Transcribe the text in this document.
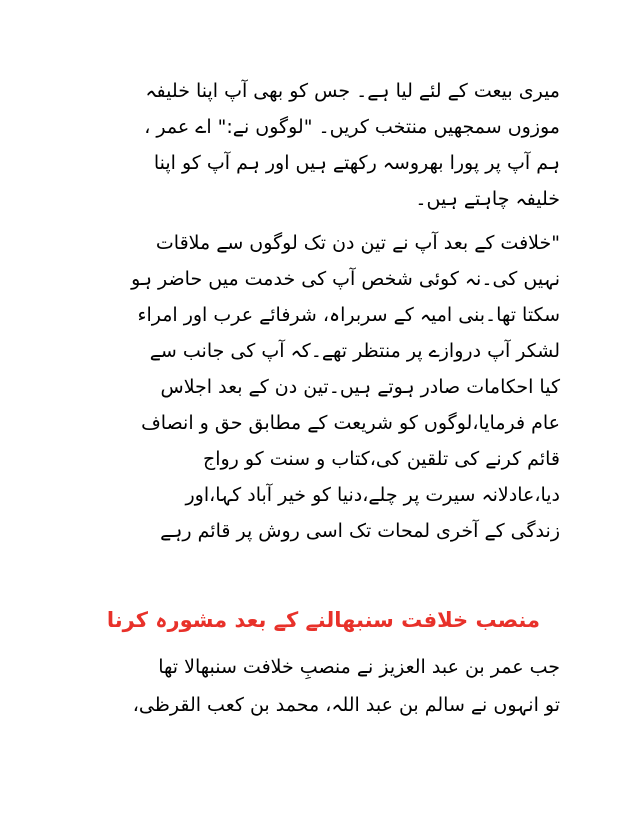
میری بیعت کے لئے لیا ہے۔ جس کو بھی آپ اپنا خلیفہ
موزوں سمجھیں منتخب کریں۔ "لوگوں نے:" اے عمر ،
ہم آپ پر پورا بھروسہ رکھتے ہیں اور ہم آپ کو اپنا
خلیفہ چاہتے ہیں۔
"خلافت کے بعد آپ نے تین دن تک لوگوں سے ملاقات
نہیں کی۔نہ کوئی شخص آپ کی خدمت میں حاضر ہو
سکتا تھا۔بنی امیہ کے سربراہ، شرفائے عرب اور امراء
لشکر آپ دروازے پر منتظر تھے۔کہ آپ کی جانب سے
کیا احکامات صادر ہوتے ہیں۔تین دن کے بعد اجلاس
عام فرمایا،لوگوں کو شریعت کے مطابق حق و انصاف
قائم کرنے کی تلقین کی،کتاب و سنت کو رواج
دیا،عادلانہ سیرت پر چلے،دنیا کو خیر آباد کہا،اور
زندگی کے آخری لمحات تک اسی روش پر قائم رہے
منصب خلافت سنبھالنے کے بعد مشورہ کرنا
جب عمر بن عبد العزیز نے منصبِ خلافت سنبھالا تھا
تو انہوں نے سالم بن عبد اللہ، محمد بن کعب القرظی،
